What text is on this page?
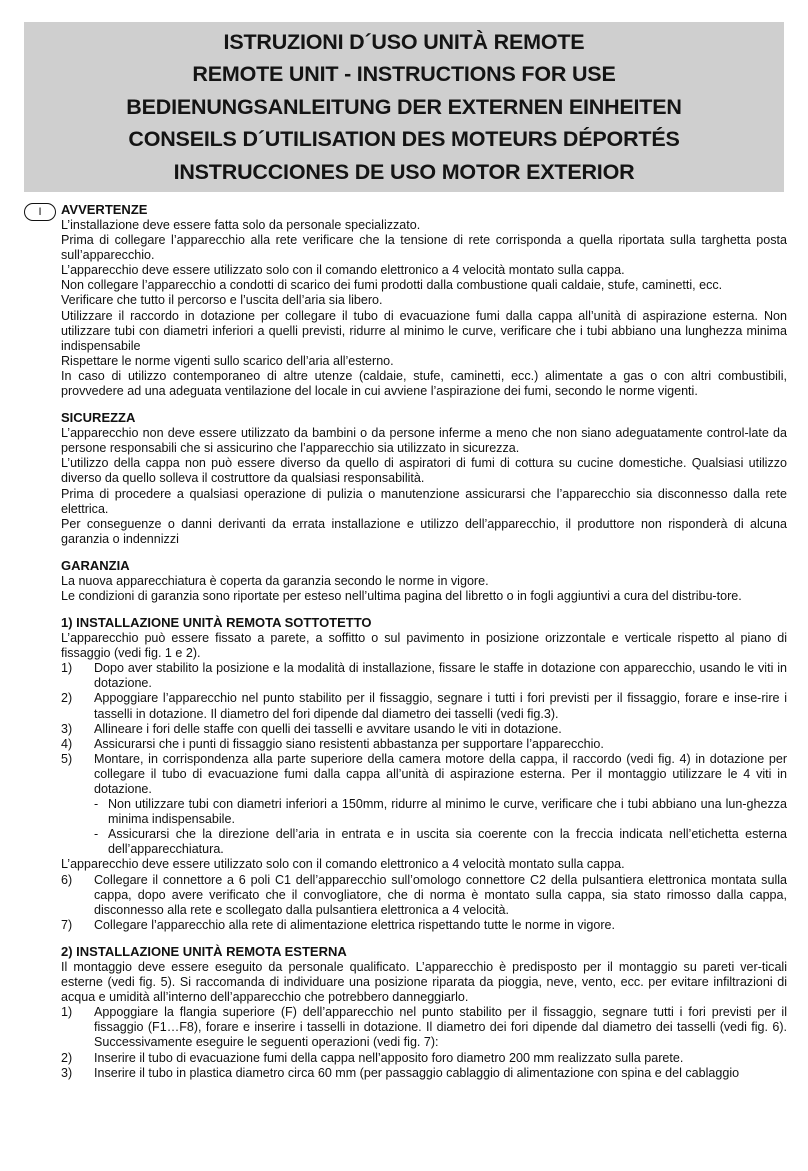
ISTRUZIONI D´USO UNITÀ REMOTE
REMOTE UNIT - INSTRUCTIONS FOR USE
BEDIENUNGSANLEITUNG DER EXTERNEN EINHEITEN
CONSEILS D´UTILISATION DES MOTEURS DÉPORTÉS
INSTRUCCIONES DE USO MOTOR EXTERIOR
I	AVVERTENZE

L’installazione deve essere fatta solo da personale specializzato.

Prima di collegare l’apparecchio alla rete verificare che la tensione di rete corrisponda a quella riportata sulla targhetta posta sull’apparecchio.

L’apparecchio deve essere utilizzato solo con il comando elettronico a 4 velocità montato sulla cappa.

Non collegare l’apparecchio a condotti di scarico dei fumi prodotti dalla combustione quali caldaie, stufe, caminetti, ecc.

Verificare che tutto il percorso e l’uscita dell’aria sia libero.

Utilizzare il raccordo in dotazione per collegare il tubo di evacuazione fumi dalla cappa all’unità di aspirazione esterna. Non utilizzare tubi con diametri inferiori a quelli previsti, ridurre al minimo le curve, verificare che i tubi abbiano una lunghezza minima indispensabile

Rispettare le norme vigenti sullo scarico dell’aria all’esterno.

In caso di utilizzo contemporaneo di altre utenze (caldaie, stufe, caminetti, ecc.) alimentate a gas o con altri combustibili, provvedere ad una adeguata ventilazione del locale in cui avviene l’aspirazione dei fumi, secondo le norme vigenti.

SICUREZZA

L’apparecchio non deve essere utilizzato da bambini o da persone inferme a meno che non siano adeguatamente control-late da persone responsabili che si assicurino che l’apparecchio sia utilizzato in sicurezza.

L’utilizzo della cappa non può essere diverso da quello di aspiratori di fumi di cottura su cucine domestiche. Qualsiasi utilizzo diverso da quello solleva il costruttore da qualsiasi responsabilità.

Prima di procedere a qualsiasi operazione di pulizia o manutenzione assicurarsi che l’apparecchio sia disconnesso dalla rete elettrica.

Per conseguenze o danni derivanti da errata installazione e utilizzo dell’apparecchio, il produttore non risponderà di alcuna garanzia o indennizzi

GARANZIA

La nuova apparecchiatura è coperta da garanzia secondo le norme in vigore.

Le condizioni di garanzia sono riportate per esteso nell’ultima pagina del libretto o in fogli aggiuntivi a cura del distribu-tore.

1) INSTALLAZIONE UNITÀ REMOTA SOTTOTETTO

L’apparecchio può essere fissato a parete, a soffitto o sul pavimento in posizione orizzontale e verticale rispetto al piano di fissaggio (vedi fig. 1 e 2).

1)	Dopo aver stabilito la posizione e la modalità di installazione, fissare le staffe in dotazione con apparecchio, usando le viti in dotazione.
2)	Appoggiare l’apparecchio nel punto stabilito per il fissaggio, segnare i tutti i fori previsti per il fissaggio, forare e inse-rire i tasselli in dotazione. Il diametro del fori dipende dal diametro dei tasselli (vedi fig.3).
3)	Allineare i fori delle staffe con quelli dei tasselli e avvitare usando le viti in dotazione.
4)	Assicurarsi che i punti di fissaggio siano resistenti abbastanza per supportare l’apparecchio.
5)	Montare, in corrispondenza alla parte superiore della camera motore della cappa, il raccordo (vedi fig. 4) in dotazione per collegare il tubo di evacuazione fumi dalla cappa all’unità di aspirazione esterna. Per il montaggio utilizzare le 4 viti in dotazione.
- Non utilizzare tubi con diametri inferiori a 150mm, ridurre al minimo le curve, verificare che i tubi abbiano una lun-ghezza minima indispensabile.
- Assicurarsi che la direzione dell’aria in entrata e in uscita sia coerente con la freccia indicata nell’etichetta esterna dell’apparecchiatura.

L’apparecchio deve essere utilizzato solo con il comando elettronico a 4 velocità montato sulla cappa.

6)	Collegare il connettore a 6 poli C1 dell’apparecchio sull’omologo connettore C2 della pulsantiera elettronica montata sulla cappa, dopo avere verificato che il convogliatore, che di norma è montato sulla cappa, sia stato rimosso dalla cappa, disconnesso alla rete e scollegato dalla pulsantiera elettronica a 4 velocità.
7)	Collegare l’apparecchio alla rete di alimentazione elettrica rispettando tutte le norme in vigore.
2) INSTALLAZIONE UNITÀ REMOTA ESTERNA

Il montaggio deve essere eseguito da personale qualificato. L’apparecchio è predisposto per il montaggio su pareti ver-ticali esterne (vedi fig. 5). Si raccomanda di individuare una posizione riparata da pioggia, neve, vento, ecc. per evitare infiltrazioni di acqua e umidità all’interno dell’apparecchio che potrebbero danneggiarlo.

1)	Appoggiare la flangia superiore (F) dell’apparecchio nel punto stabilito per il fissaggio, segnare tutti i fori previsti per il fissaggio (F1…F8), forare e inserire i tasselli in dotazione. Il diametro dei fori dipende dal diametro dei tasselli (vedi fig. 6). Successivamente eseguire le seguenti operazioni (vedi fig. 7):
2)	Inserire il tubo di evacuazione fumi della cappa nell’apposito foro diametro 200 mm realizzato sulla parete.
3)	Inserire il tubo in plastica diametro circa 60 mm (per passaggio cablaggio di alimentazione con spina e del cablaggio
